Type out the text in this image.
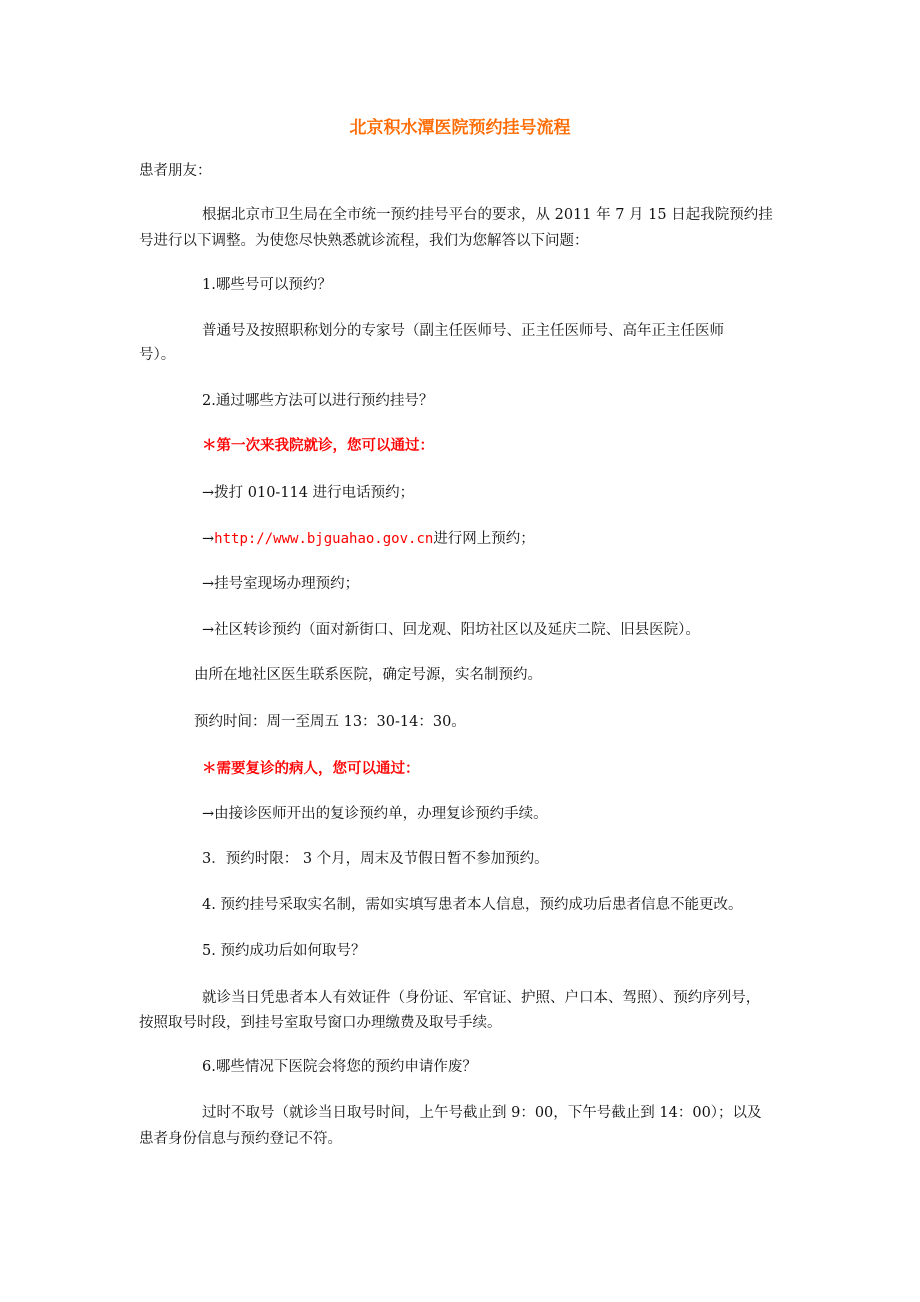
北京积水潭医院预约挂号流程

患者朋友：

根据北京市卫生局在全市统一预约挂号平台的要求，从 2011 年 7 月 15 日起我院预约挂

号进行以下调整。为使您尽快熟悉就诊流程，我们为您解答以下问题：

1.哪些号可以预约？

普通号及按照职称划分的专家号（副主任医师号、正主任医师号、高年正主任医师

号）。

2.通过哪些方法可以进行预约挂号？

＊第一次来我院就诊，您可以通过：

→拨打 010-114 进行电话预约；

→http://www.bjguahao.gov.cn进行网上预约；

→挂号室现场办理预约；

→社区转诊预约（面对新街口、回龙观、阳坊社区以及延庆二院、旧县医院）。

由所在地社区医生联系医院，确定号源，实名制预约。

预约时间：周一至周五 13：30-14：30。

＊需要复诊的病人，您可以通过：

→由接诊医师开出的复诊预约单，办理复诊预约手续。

3．预约时限： 3 个月，周末及节假日暂不参加预约。

4. 预约挂号采取实名制，需如实填写患者本人信息，预约成功后患者信息不能更改。

5. 预约成功后如何取号？

就诊当日凭患者本人有效证件（身份证、军官证、护照、户口本、驾照）、预约序列号，

按照取号时段，到挂号室取号窗口办理缴费及取号手续。

6.哪些情况下医院会将您的预约申请作废？

过时不取号（就诊当日取号时间，上午号截止到 9：00，下午号截止到 14：00）；以及

患者身份信息与预约登记不符。
